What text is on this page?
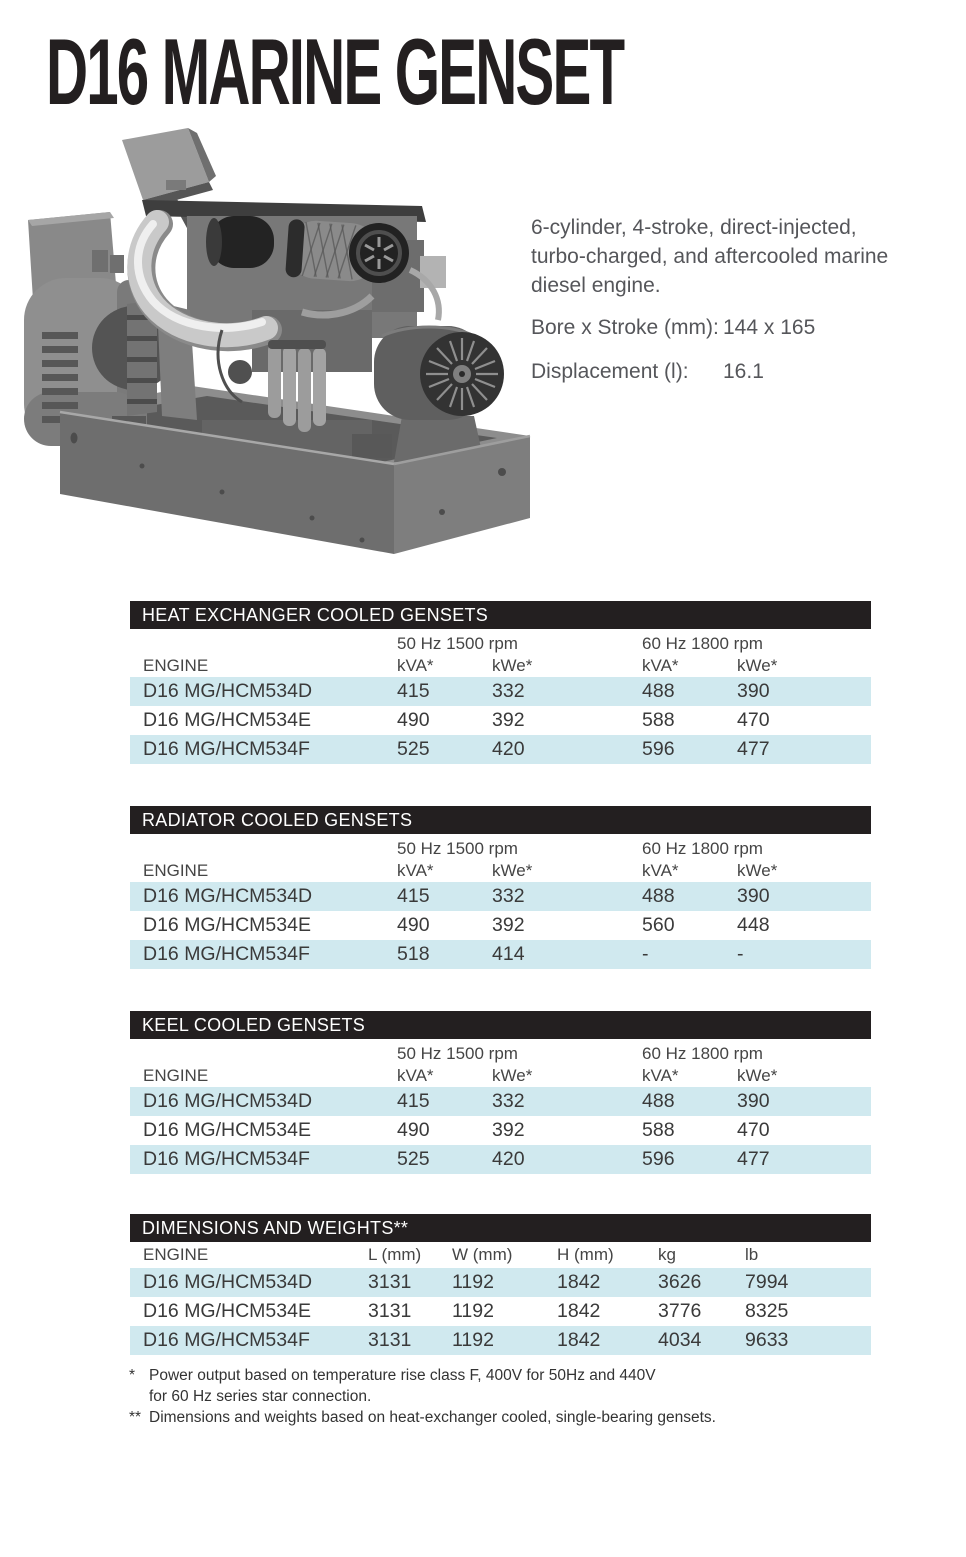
D16 MARINE GENSET

6-cylinder, 4-stroke, direct-injected, turbo-charged, and aftercooled marine diesel engine.

Bore x Stroke (mm): 144 x 165
Displacement (l):	16.1
HEAT EXCHANGER COOLED GENSETS
50 Hz 1500 rpm	60 Hz 1800 rpm
ENGINE	kVA*	kWe*	kVA*	kWe*
D16 MG/HCM534D	415	332	488	390
D16 MG/HCM534E	490	392	588	470
D16 MG/HCM534F	525	420	596	477
RADIATOR COOLED GENSETS
50 Hz 1500 rpm	60 Hz 1800 rpm
ENGINE	kVA*	kWe*	kVA*	kWe*
D16 MG/HCM534D	415	332	488	390
D16 MG/HCM534E	490	392	560	448
D16 MG/HCM534F	518	414	-	-
KEEL COOLED GENSETS
50 Hz 1500 rpm	60 Hz 1800 rpm
ENGINE	kVA*	kWe*	kVA*	kWe*
D16 MG/HCM534D	415	332	488	390
D16 MG/HCM534E	490	392	588	470
D16 MG/HCM534F	525	420	596	477
DIMENSIONS AND WEIGHTS**
ENGINE	L (mm)	W (mm)	H (mm)	kg	lb
D16 MG/HCM534D	3131	1192	1842	3626	7994
D16 MG/HCM534E	3131	1192	1842	3776	8325
D16 MG/HCM534F	3131	1192	1842	4034	9633
* Power output based on temperature rise class F, 400V for 50Hz and 440V
for 60 Hz series star connection.
** Dimensions and weights based on heat-exchanger cooled, single-bearing gensets.
